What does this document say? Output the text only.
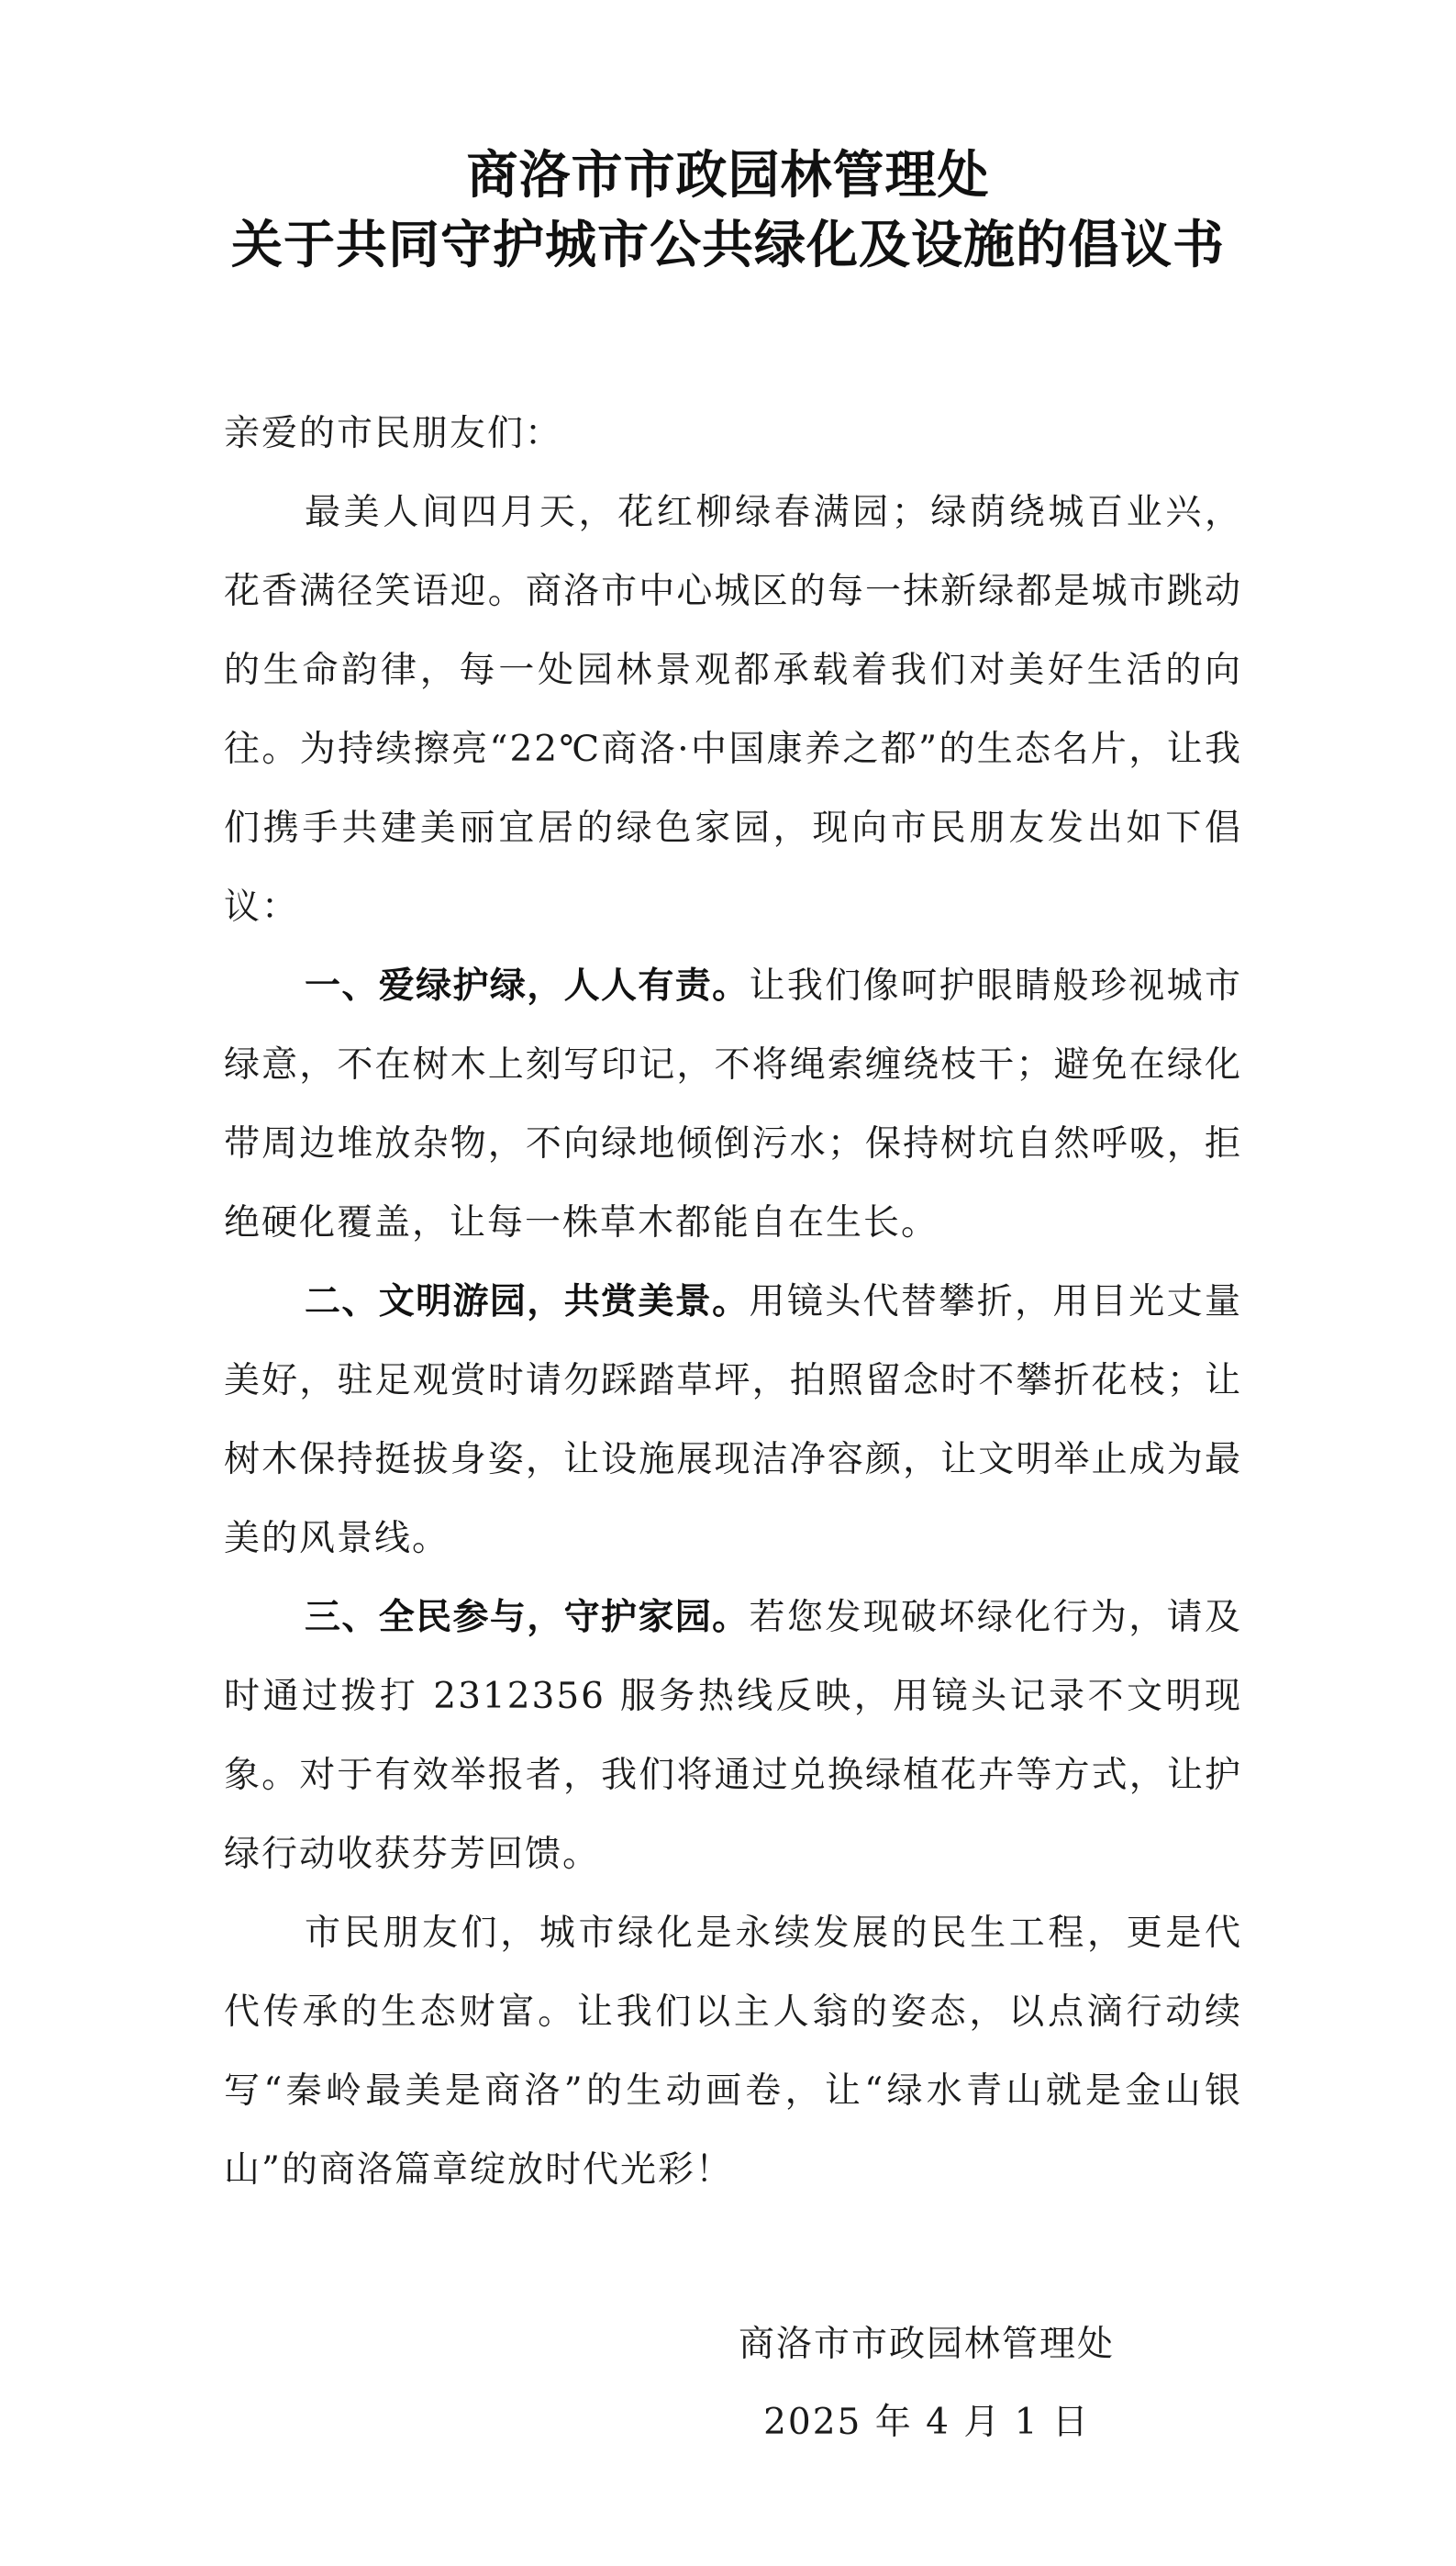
商洛市市政园林管理处
关于共同守护城市公共绿化及设施的倡议书

亲爱的市民朋友们：

最美人间四月天，花红柳绿春满园；绿荫绕城百业兴，花香满径笑语迎。商洛市中心城区的每一抹新绿都是城市跳动的生命韵律，每一处园林景观都承载着我们对美好生活的向往。为持续擦亮“22℃商洛·中国康养之都”的生态名片，让我们携手共建美丽宜居的绿色家园，现向市民朋友发出如下倡议：

一、爱绿护绿，人人有责。让我们像呵护眼睛般珍视城市绿意，不在树木上刻写印记，不将绳索缠绕枝干；避免在绿化带周边堆放杂物，不向绿地倾倒污水；保持树坑自然呼吸，拒绝硬化覆盖，让每一株草木都能自在生长。

二、文明游园，共赏美景。用镜头代替攀折，用目光丈量美好，驻足观赏时请勿踩踏草坪，拍照留念时不攀折花枝；让树木保持挺拔身姿，让设施展现洁净容颜，让文明举止成为最美的风景线。

三、全民参与，守护家园。若您发现破坏绿化行为，请及时通过拨打 2312356 服务热线反映，用镜头记录不文明现象。对于有效举报者，我们将通过兑换绿植花卉等方式，让护绿行动收获芬芳回馈。

市民朋友们，城市绿化是永续发展的民生工程，更是代代传承的生态财富。让我们以主人翁的姿态，以点滴行动续写“秦岭最美是商洛”的生动画卷，让“绿水青山就是金山银山”的商洛篇章绽放时代光彩！

商洛市市政园林管理处
2025 年 4 月 1 日
